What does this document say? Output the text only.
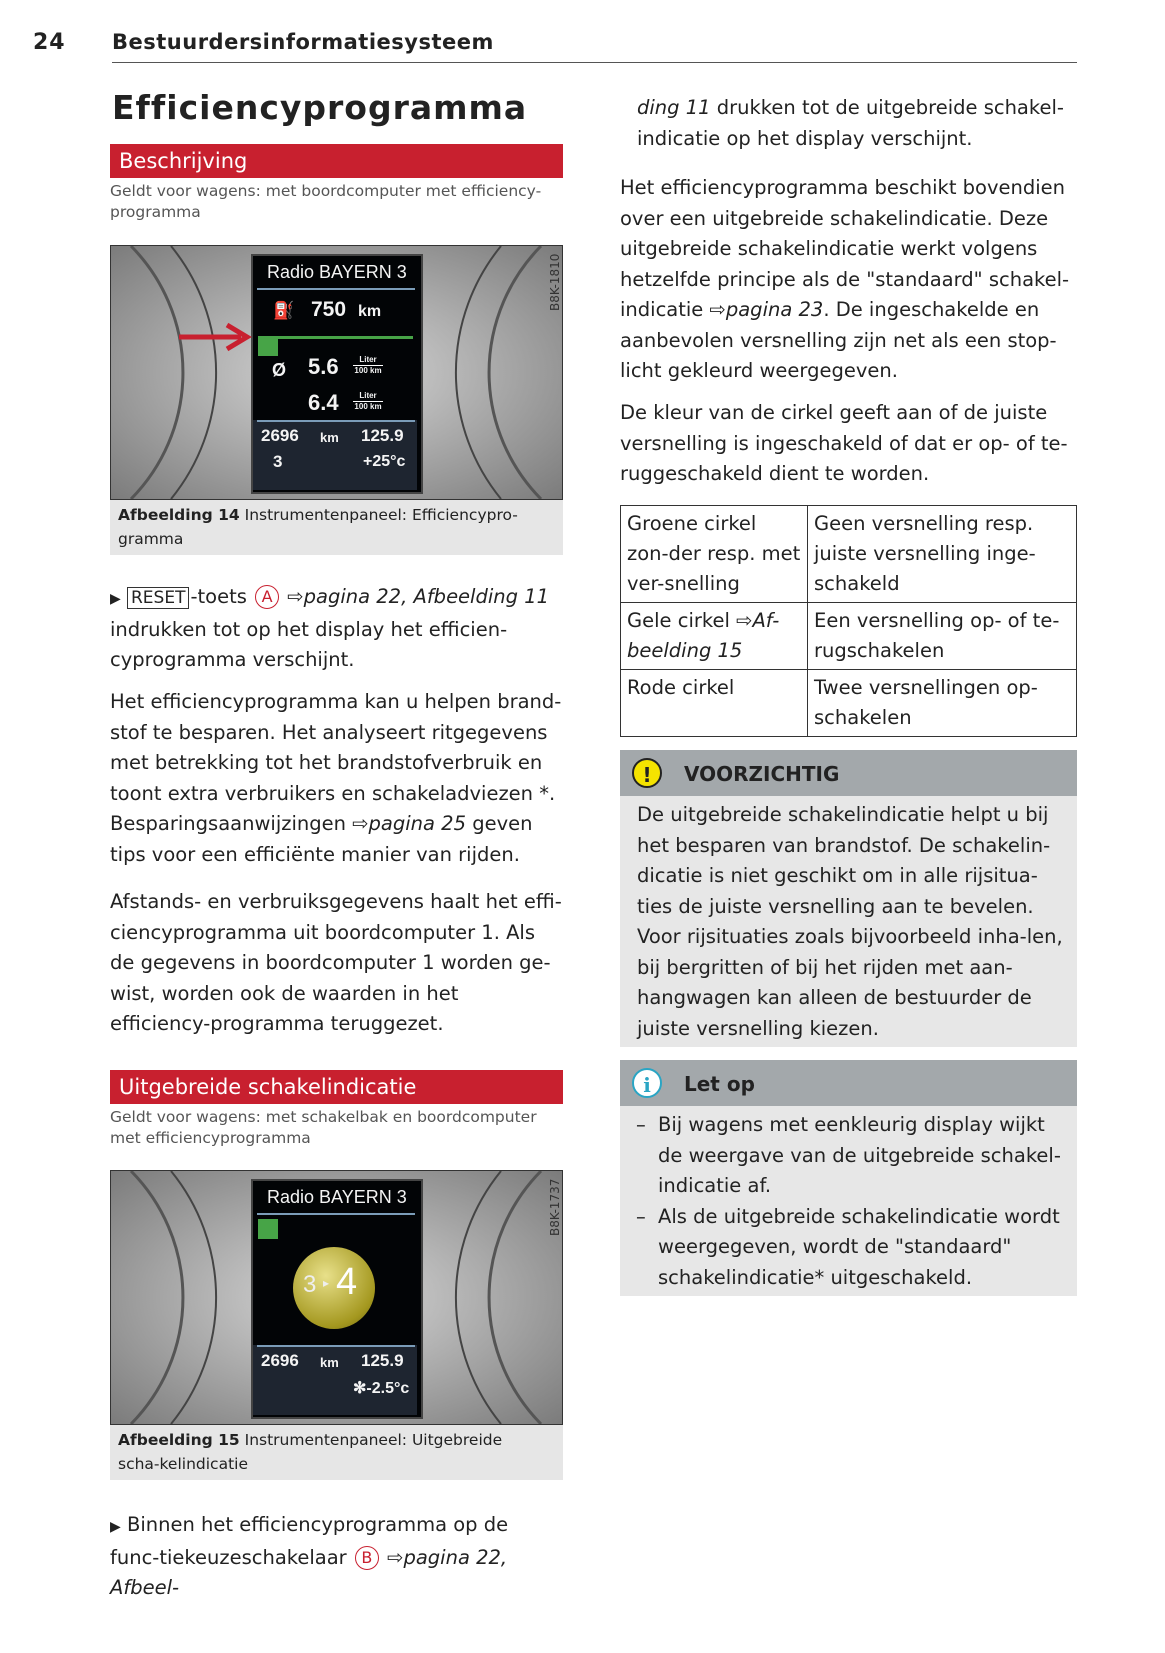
24 Bestuurdersinformatiesysteem
Efficiencyprogramma
Beschrijving
Geldt voor wagens: met boordcomputer met efficiency-programma
B8K-1810
Radio BAYERN 3
⛽ 750 km
Ø 5.6	Liter
100 km
6.4	Liter
100 km
2696 km 125.9
3	+25°c
Afbeelding 14 Instrumentenpaneel: Efficiencypro-gramma
▶ RESET -toets A ⇨pagina 22, Afbeelding 11 indrukken tot op het display het efficien-cyprogramma verschijnt.
Het efficiencyprogramma kan u helpen brand-stof te besparen. Het analyseert ritgegevens met betrekking tot het brandstofverbruik en toont extra verbruikers en schakeladviezen *. Besparingsaanwijzingen ⇨pagina 25 geven tips voor een efficiënte manier van rijden.
Afstands- en verbruiksgegevens haalt het effi-ciencyprogramma uit boordcomputer 1. Als de gegevens in boordcomputer 1 worden ge-wist, worden ook de waarden in het efficiency-programma teruggezet.
Uitgebreide schakelindicatie
Geldt voor wagens: met schakelbak en boordcomputer met efficiencyprogramma
B8K-1737
Radio BAYERN 3
3 ▸ 4
2696 km 125.9
✻-2.5°c
Afbeelding 15 Instrumentenpaneel: Uitgebreide scha-kelindicatie
▶ Binnen het efficiencyprogramma op de func-tiekeuzeschakelaar B ⇨pagina 22, Afbeel-
ding 11 drukken tot de uitgebreide schakel-indicatie op het display verschijnt.
Het efficiencyprogramma beschikt bovendien over een uitgebreide schakelindicatie. Deze uitgebreide schakelindicatie werkt volgens hetzelfde principe als de "standaard" schakel-indicatie ⇨pagina 23. De ingeschakelde en aanbevolen versnelling zijn net als een stop-licht gekleurd weergegeven.
De kleur van de cirkel geeft aan of de juiste versnelling is ingeschakeld of dat er op- of te-ruggeschakeld dient te worden.
Groene cirkel zon-der resp. met ver-snelling	Geen versnelling resp. juiste versnelling inge-schakeld
Gele cirkel ⇨Af-beelding 15	Een versnelling op- of te-rugschakelen
Rode cirkel	Twee versnellingen op-schakelen
!	VOORZICHTIG
De uitgebreide schakelindicatie helpt u bij het besparen van brandstof. De schakelin-dicatie is niet geschikt om in alle rijsitua-ties de juiste versnelling aan te bevelen. Voor rijsituaties zoals bijvoorbeeld inha-len, bij bergritten of bij het rijden met aan-hangwagen kan alleen de bestuurder de juiste versnelling kiezen.
i	Let op
– Bij wagens met eenkleurig display wijkt de weergave van de uitgebreide schakel-indicatie af.
– Als de uitgebreide schakelindicatie wordt weergegeven, wordt de "standaard" schakelindicatie* uitgeschakeld.
